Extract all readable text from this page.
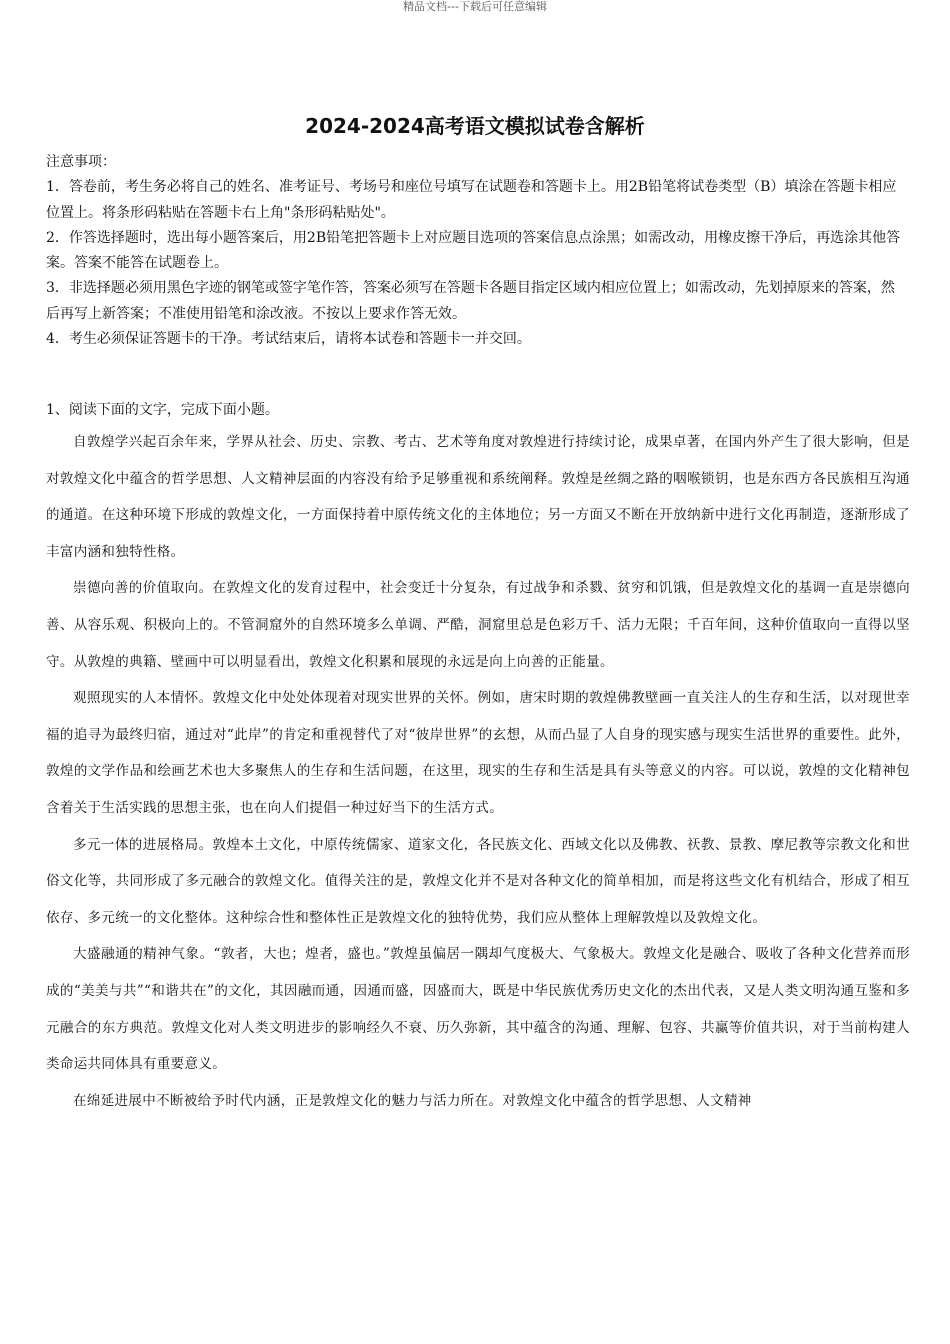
精品文档---下载后可任意编辑
2024-2024高考语文模拟试卷含解析

注意事项：

1．答卷前，考生务必将自己的姓名、准考证号、考场号和座位号填写在试题卷和答题卡上。用2B铅笔将试卷类型（B）填涂在答题卡相应位置上。将条形码粘贴在答题卡右上角"条形码粘贴处"。

2．作答选择题时，选出每小题答案后，用2B铅笔把答题卡上对应题目选项的答案信息点涂黑；如需改动，用橡皮擦干净后，再选涂其他答案。答案不能答在试题卷上。

3．非选择题必须用黑色字迹的钢笔或签字笔作答，答案必须写在答题卡各题目指定区域内相应位置上；如需改动，先划掉原来的答案，然后再写上新答案；不准使用铅笔和涂改液。不按以上要求作答无效。

4．考生必须保证答题卡的干净。考试结束后，请将本试卷和答题卡一并交回。

1、阅读下面的文字，完成下面小题。

自敦煌学兴起百余年来，学界从社会、历史、宗教、考古、艺术等角度对敦煌进行持续讨论，成果卓著，在国内外产生了很大影响，但是对敦煌文化中蕴含的哲学思想、人文精神层面的内容没有给予足够重视和系统阐释。敦煌是丝绸之路的咽喉锁钥，也是东西方各民族相互沟通的通道。在这种环境下形成的敦煌文化，一方面保持着中原传统文化的主体地位；另一方面又不断在开放纳新中进行文化再制造，逐渐形成了丰富内涵和独特性格。

崇德向善的价值取向。在敦煌文化的发育过程中，社会变迁十分复杂，有过战争和杀戮、贫穷和饥饿，但是敦煌文化的基调一直是崇德向善、从容乐观、积极向上的。不管洞窟外的自然环境多么单调、严酷，洞窟里总是色彩万千、活力无限；千百年间，这种价值取向一直得以坚守。从敦煌的典籍、壁画中可以明显看出，敦煌文化积累和展现的永远是向上向善的正能量。

观照现实的人本情怀。敦煌文化中处处体现着对现实世界的关怀。例如，唐宋时期的敦煌佛教壁画一直关注人的生存和生活，以对现世幸福的追寻为最终归宿，通过对“此岸”的肯定和重视替代了对“彼岸世界”的玄想，从而凸显了人自身的现实感与现实生活世界的重要性。此外，敦煌的文学作品和绘画艺术也大多聚焦人的生存和生活问题，在这里，现实的生存和生活是具有头等意义的内容。可以说，敦煌的文化精神包含着关于生活实践的思想主张，也在向人们提倡一种过好当下的生活方式。

多元一体的进展格局。敦煌本土文化，中原传统儒家、道家文化，各民族文化、西域文化以及佛教、祆教、景教、摩尼教等宗教文化和世俗文化等，共同形成了多元融合的敦煌文化。值得关注的是，敦煌文化并不是对各种文化的简单相加，而是将这些文化有机结合，形成了相互依存、多元统一的文化整体。这种综合性和整体性正是敦煌文化的独特优势，我们应从整体上理解敦煌以及敦煌文化。

大盛融通的精神气象。“敦者，大也；煌者，盛也。”敦煌虽偏居一隅却气度极大、气象极大。敦煌文化是融合、吸收了各种文化营养而形成的“美美与共”“和谐共在”的文化，其因融而通，因通而盛，因盛而大，既是中华民族优秀历史文化的杰出代表，又是人类文明沟通互鉴和多元融合的东方典范。敦煌文化对人类文明进步的影响经久不衰、历久弥新，其中蕴含的沟通、理解、包容、共赢等价值共识，对于当前构建人类命运共同体具有重要意义。

在绵延进展中不断被给予时代内涵，正是敦煌文化的魅力与活力所在。对敦煌文化中蕴含的哲学思想、人文精神
